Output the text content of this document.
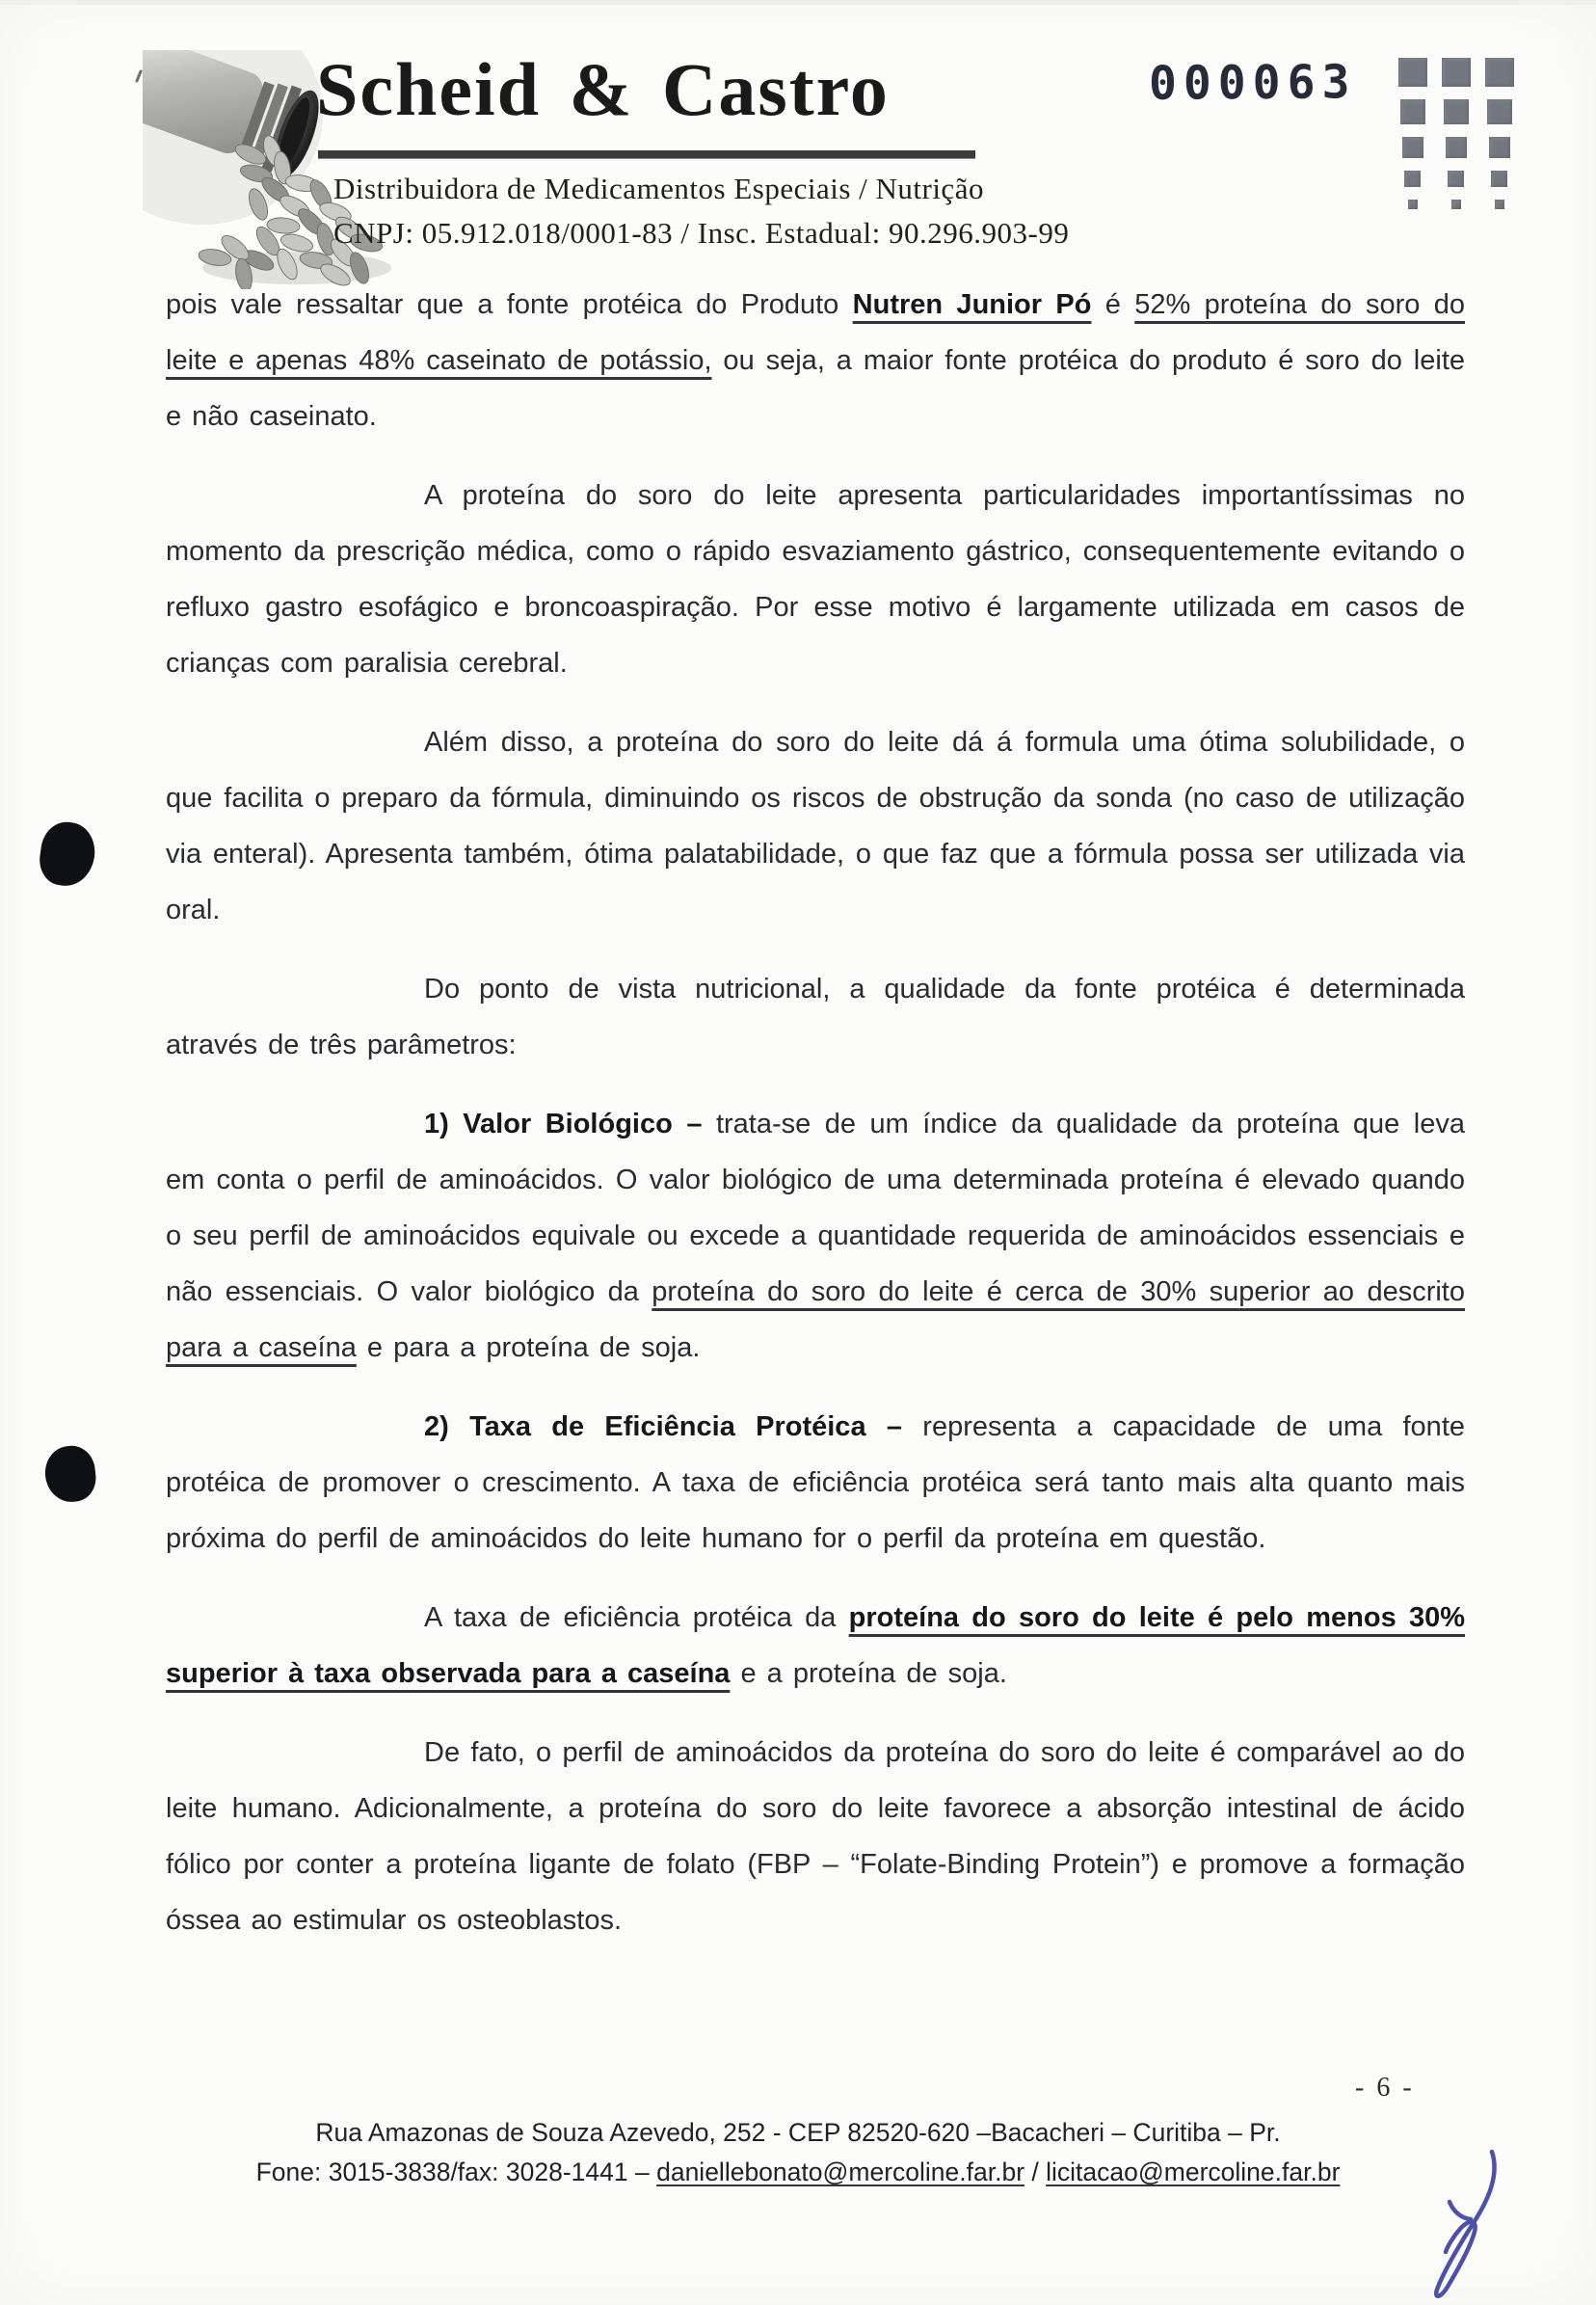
Scheid & Castro
Distribuidora de Medicamentos Especiais / Nutrição
CNPJ: 05.912.018/0001-83 / Insc. Estadual: 90.296.903-99
000063

pois vale ressaltar que a fonte protéica do Produto Nutren Junior Pó é 52% proteína do soro do leite e apenas 48% caseinato de potássio, ou seja, a maior fonte protéica do produto é soro do leite e não caseinato.

A proteína do soro do leite apresenta particularidades importantíssimas no momento da prescrição médica, como o rápido esvaziamento gástrico, consequentemente evitando o refluxo gastro esofágico e broncoaspiração. Por esse motivo é largamente utilizada em casos de crianças com paralisia cerebral.

Além disso, a proteína do soro do leite dá á formula uma ótima solubilidade, o que facilita o preparo da fórmula, diminuindo os riscos de obstrução da sonda (no caso de utilização via enteral). Apresenta também, ótima palatabilidade, o que faz que a fórmula possa ser utilizada via oral.

Do ponto de vista nutricional, a qualidade da fonte protéica é determinada através de três parâmetros:

1) Valor Biológico – trata-se de um índice da qualidade da proteína que leva em conta o perfil de aminoácidos. O valor biológico de uma determinada proteína é elevado quando o seu perfil de aminoácidos equivale ou excede a quantidade requerida de aminoácidos essenciais e não essenciais. O valor biológico da proteína do soro do leite é cerca de 30% superior ao descrito para a caseína e para a proteína de soja.

2) Taxa de Eficiência Protéica – representa a capacidade de uma fonte protéica de promover o crescimento. A taxa de eficiência protéica será tanto mais alta quanto mais próxima do perfil de aminoácidos do leite humano for o perfil da proteína em questão.

A taxa de eficiência protéica da proteína do soro do leite é pelo menos 30% superior à taxa observada para a caseína e a proteína de soja.

De fato, o perfil de aminoácidos da proteína do soro do leite é comparável ao do leite humano. Adicionalmente, a proteína do soro do leite favorece a absorção intestinal de ácido fólico por conter a proteína ligante de folato (FBP – “Folate-Binding Protein”) e promove a formação óssea ao estimular os osteoblastos.

- 6 -
Rua Amazonas de Souza Azevedo, 252 - CEP 82520-620 –Bacacheri – Curitiba – Pr.
Fone: 3015-3838/fax: 3028-1441 – daniellebonato@mercoline.far.br / licitacao@mercoline.far.br
